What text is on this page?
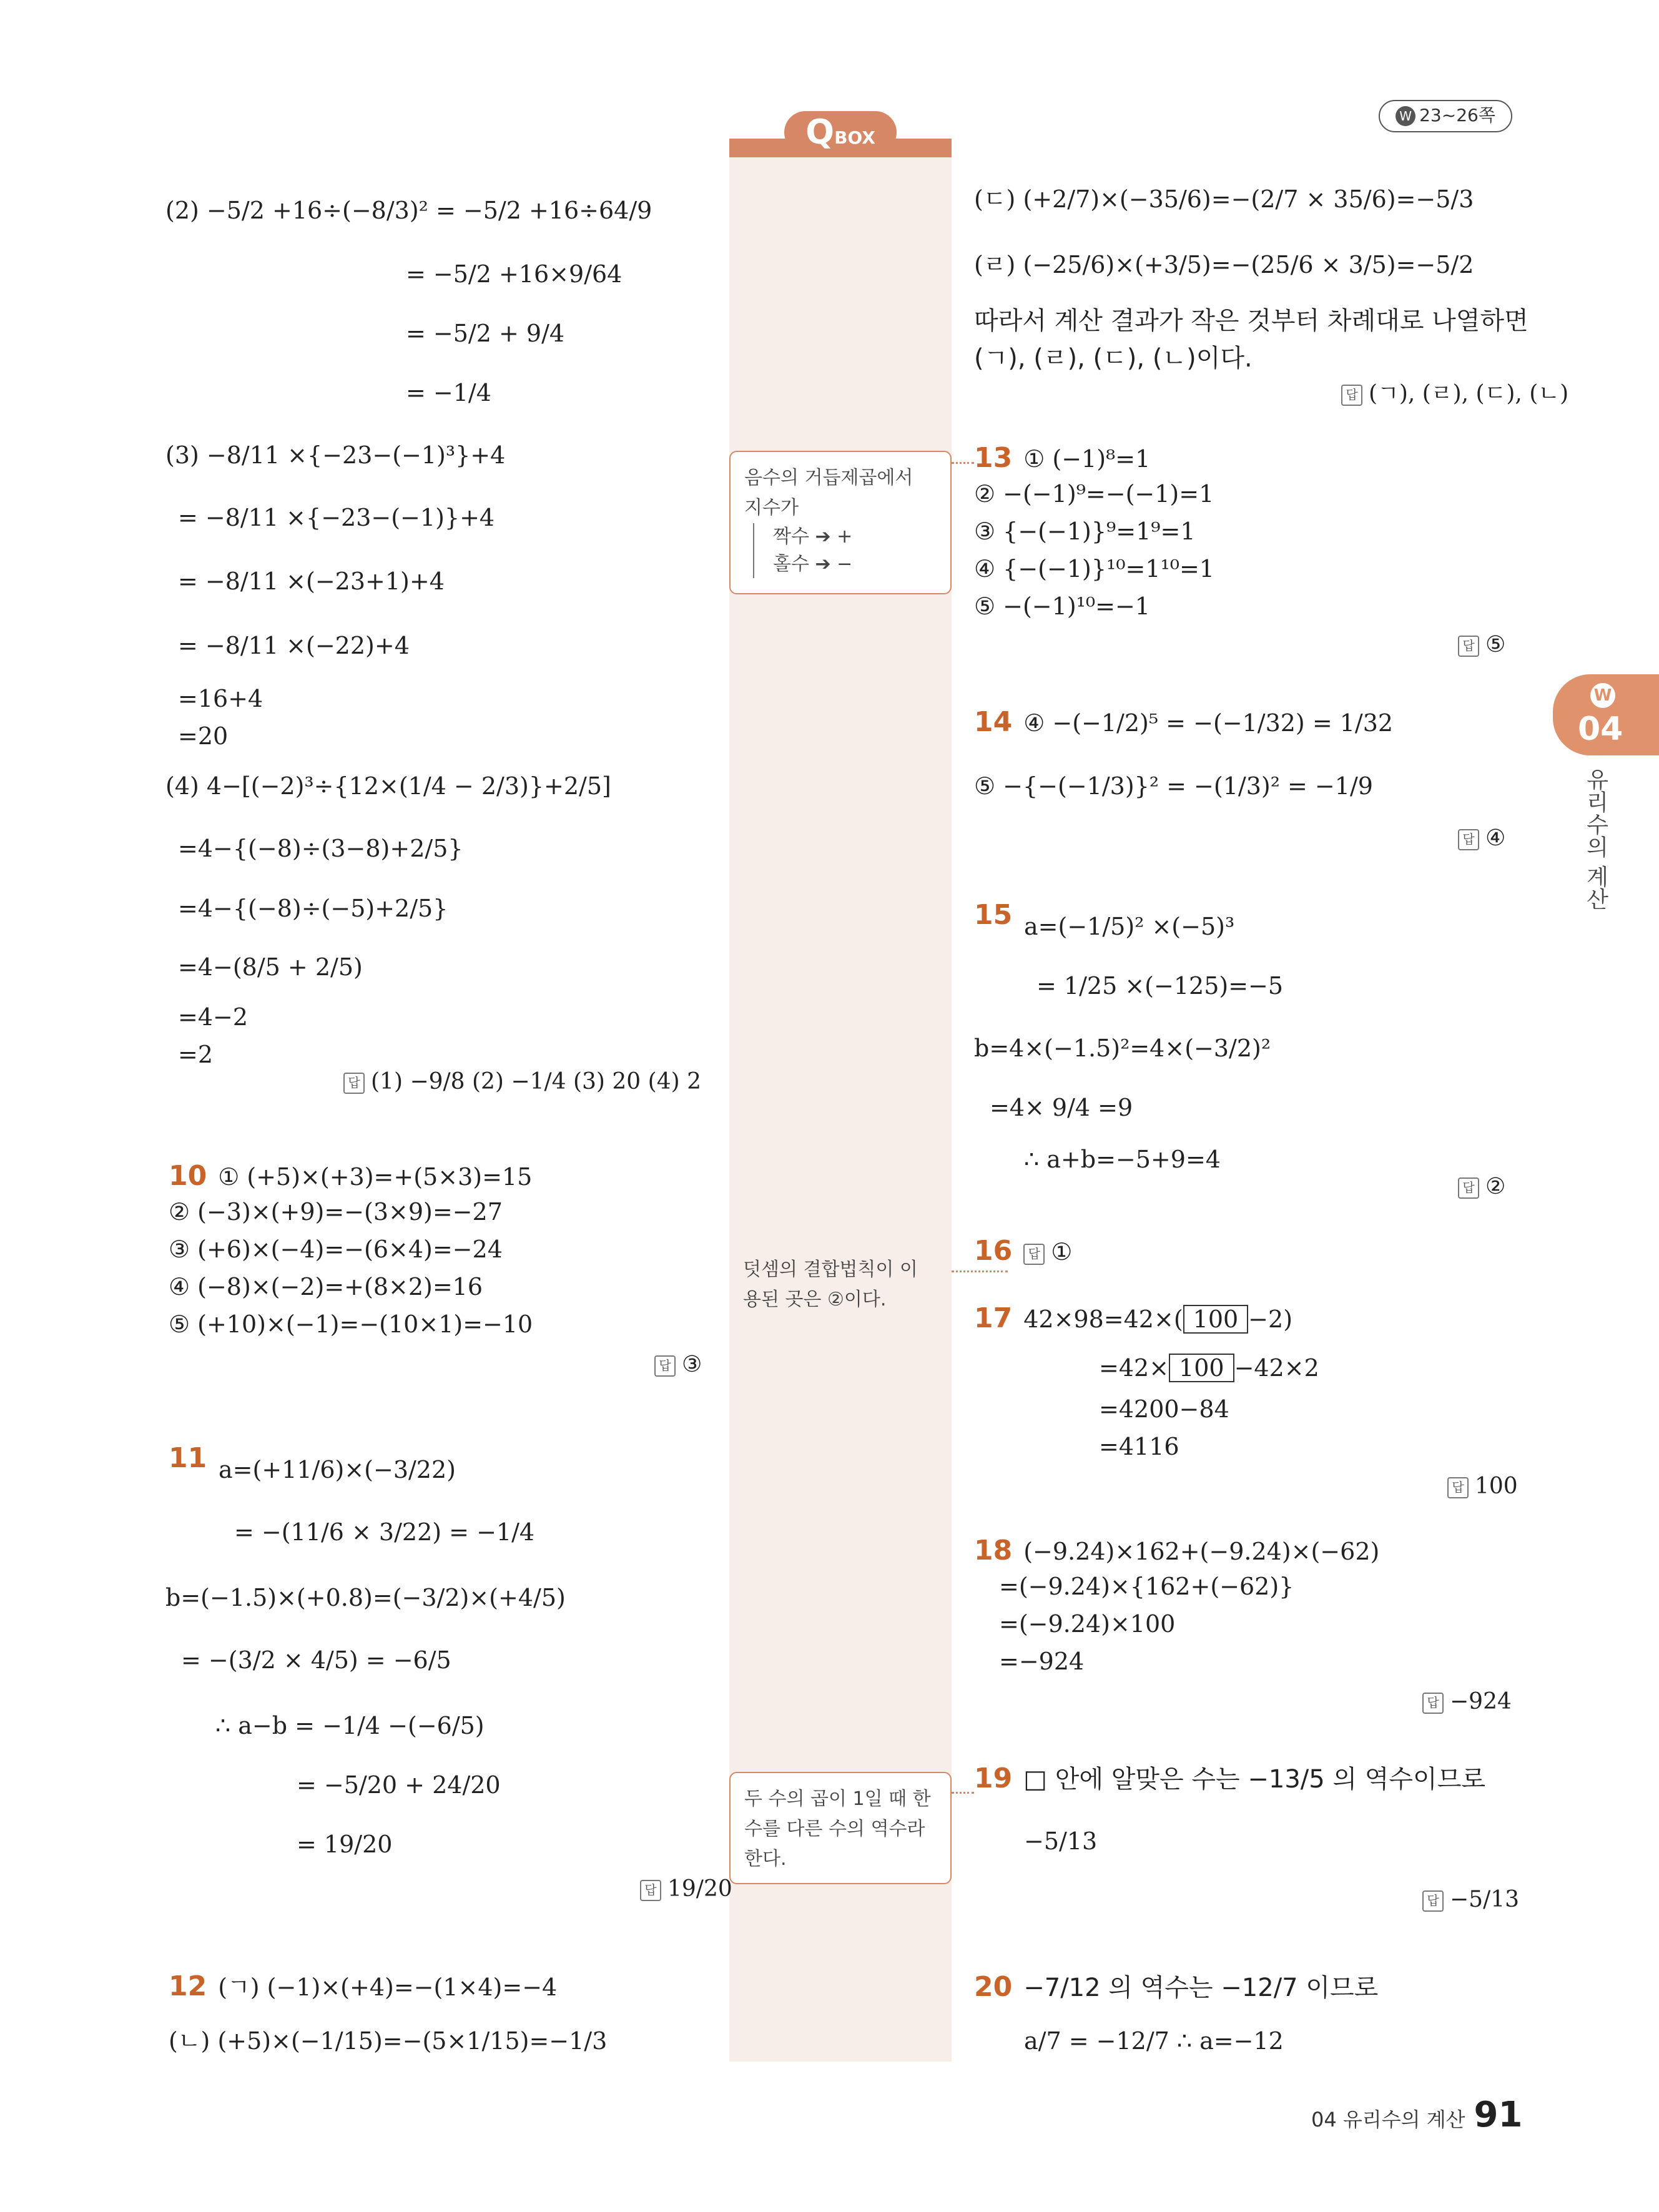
W 23~26쪽
QBOX
음수의 거듭제곱에서
지수가
짝수 ➔ +
홀수 ➔ −
덧셈의 결합법칙이 이
용된 곳은 ②이다.
두 수의 곱이 1일 때 한
수를 다른 수의 역수라
한다.
W
04
유리수의 계산
(2) −5/2 +16÷(−8/3)² = −5/2 +16÷64/9
= −5/2 +16×9/64
= −5/2 + 9/4
= −1/4
(3) −8/11 ×{−23−(−1)³}+4
= −8/11 ×{−23−(−1)}+4
= −8/11 ×(−23+1)+4
= −8/11 ×(−22)+4
=16+4
=20
(4) 4−[(−2)³÷{12×(1/4 − 2/3)}+2/5]
=4−{(−8)÷(3−8)+2/5}
=4−{(−8)÷(−5)+2/5}
=4−(8/5 + 2/5)
=4−2
=2
답 (1) −9/8 (2) −1/4 (3) 20 (4) 2
10 ① (+5)×(+3)=+(5×3)=15
② (−3)×(+9)=−(3×9)=−27
③ (+6)×(−4)=−(6×4)=−24
④ (−8)×(−2)=+(8×2)=16
⑤ (+10)×(−1)=−(10×1)=−10
답 ③
11 a=(+11/6)×(−3/22)
= −(11/6 × 3/22) = −1/4
b=(−1.5)×(+0.8)=(−3/2)×(+4/5)
= −(3/2 × 4/5) = −6/5
∴ a−b = −1/4 −(−6/5)
= −5/20 + 24/20
= 19/20
답 19/20
12 (ㄱ) (−1)×(+4)=−(1×4)=−4
(ㄴ) (+5)×(−1/15)=−(5×1/15)=−1/3
(ㄷ) (+2/7)×(−35/6)=−(2/7 × 35/6)=−5/3
(ㄹ) (−25/6)×(+3/5)=−(25/6 × 3/5)=−5/2
따라서 계산 결과가 작은 것부터 차례대로 나열하면
(ㄱ), (ㄹ), (ㄷ), (ㄴ)이다.
답 (ㄱ), (ㄹ), (ㄷ), (ㄴ)
13 ① (−1)⁸=1
② −(−1)⁹=−(−1)=1
③ {−(−1)}⁹=1⁹=1
④ {−(−1)}¹⁰=1¹⁰=1
⑤ −(−1)¹⁰=−1
답 ⑤
14 ④ −(−1/2)⁵ = −(−1/32) = 1/32
⑤ −{−(−1/3)}² = −(1/3)² = −1/9
답 ④
15 a=(−1/5)² ×(−5)³
= 1/25 ×(−125)=−5
b=4×(−1.5)²=4×(−3/2)²
=4× 9/4 =9
∴ a+b=−5+9=4
답 ②
16 답 ①
17 42×98=42×( 100 −2)
=42× 100 −42×2
=4200−84
=4116
답 100
18 (−9.24)×162+(−9.24)×(−62)
=(−9.24)×{162+(−62)}
=(−9.24)×100
=−924
답 −924
19 □ 안에 알맞은 수는 −13/5 의 역수이므로
−5/13
답 −5/13
20 −7/12 의 역수는 −12/7 이므로
a/7 = −12/7 ∴ a=−12
04 유리수의 계산 91
